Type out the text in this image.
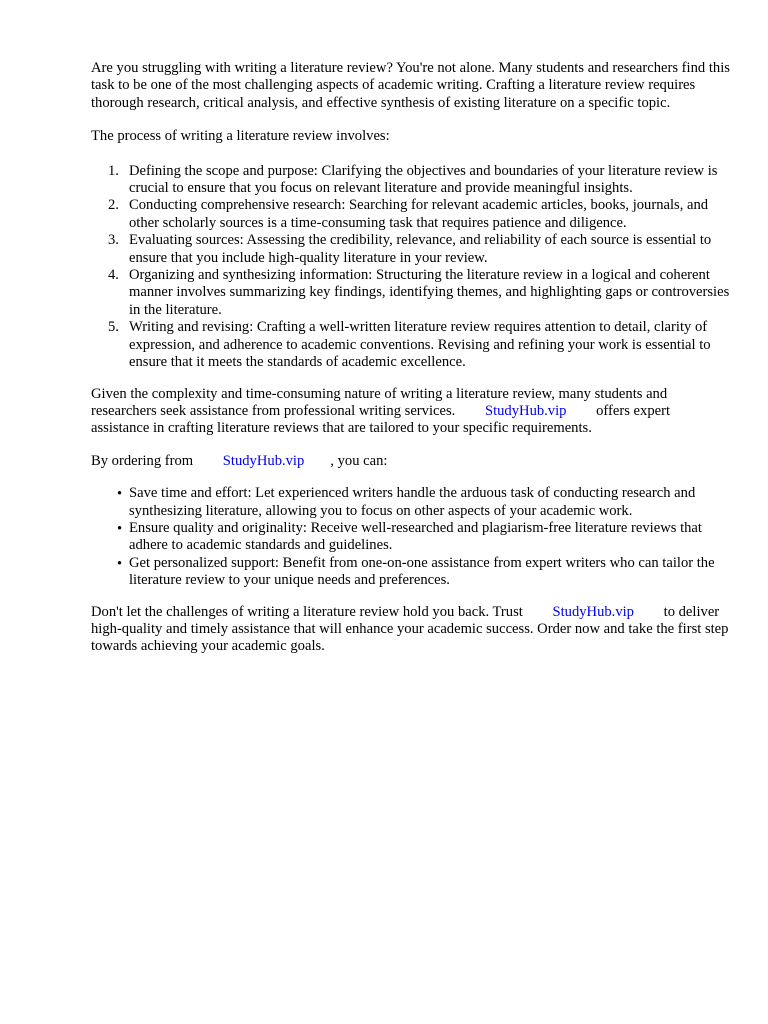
Are you struggling with writing a literature review? You're not alone. Many students and researchers find this task to be one of the most challenging aspects of academic writing. Crafting a literature review requires thorough research, critical analysis, and effective synthesis of existing literature on a specific topic.

The process of writing a literature review involves:

1. Defining the scope and purpose: Clarifying the objectives and boundaries of your literature review is crucial to ensure that you focus on relevant literature and provide meaningful insights.
2. Conducting comprehensive research: Searching for relevant academic articles, books, journals, and other scholarly sources is a time-consuming task that requires patience and diligence.
3. Evaluating sources: Assessing the credibility, relevance, and reliability of each source is essential to ensure that you include high-quality literature in your review.
4. Organizing and synthesizing information: Structuring the literature review in a logical and coherent manner involves summarizing key findings, identifying themes, and highlighting gaps or controversies in the literature.
5. Writing and revising: Crafting a well-written literature review requires attention to detail, clarity of expression, and adherence to academic conventions. Revising and refining your work is essential to ensure that it meets the standards of academic excellence.

Given the complexity and time-consuming nature of writing a literature review, many students and researchers seek assistance from professional writing services. StudyHub.vip offers expert assistance in crafting literature reviews that are tailored to your specific requirements.

By ordering from StudyHub.vip , you can:

• Save time and effort: Let experienced writers handle the arduous task of conducting research and synthesizing literature, allowing you to focus on other aspects of your academic work.
• Ensure quality and originality: Receive well-researched and plagiarism-free literature reviews that adhere to academic standards and guidelines.
• Get personalized support: Benefit from one-on-one assistance from expert writers who can tailor the literature review to your unique needs and preferences.

Don't let the challenges of writing a literature review hold you back. Trust StudyHub.vip to deliver high-quality and timely assistance that will enhance your academic success. Order now and take the first step towards achieving your academic goals.
